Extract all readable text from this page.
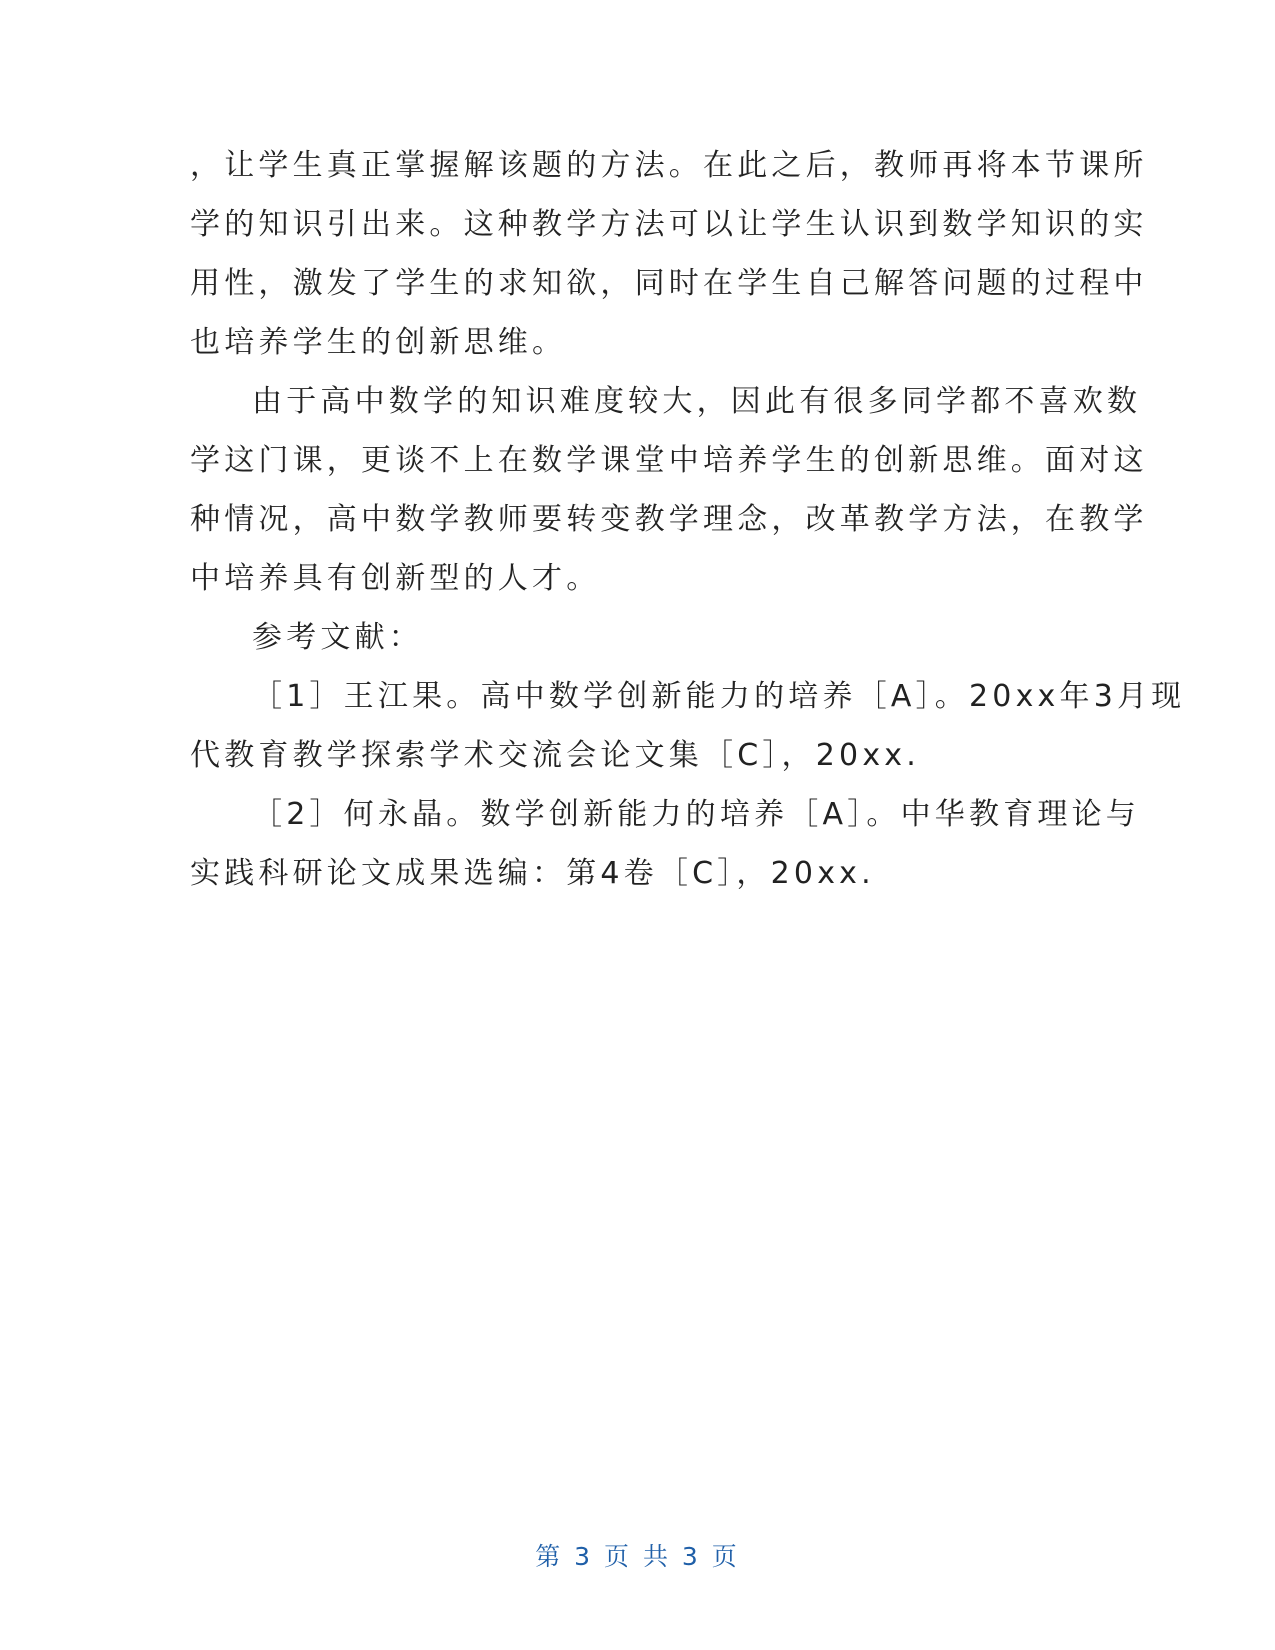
，让学生真正掌握解该题的方法。在此之后，教师再将本节课所
学的知识引出来。这种教学方法可以让学生认识到数学知识的实
用性，激发了学生的求知欲，同时在学生自己解答问题的过程中
也培养学生的创新思维。
由于高中数学的知识难度较大，因此有很多同学都不喜欢数
学这门课，更谈不上在数学课堂中培养学生的创新思维。面对这
种情况，高中数学教师要转变教学理念，改革教学方法，在教学
中培养具有创新型的人才。
参考文献：
［1］王江果。高中数学创新能力的培养［A］。20xx年3月现
代教育教学探索学术交流会论文集［C］，20xx.
［2］何永晶。数学创新能力的培养［A］。中华教育理论与
实践科研论文成果选编：第4卷［C］，20xx.
第 3 页 共 3 页
